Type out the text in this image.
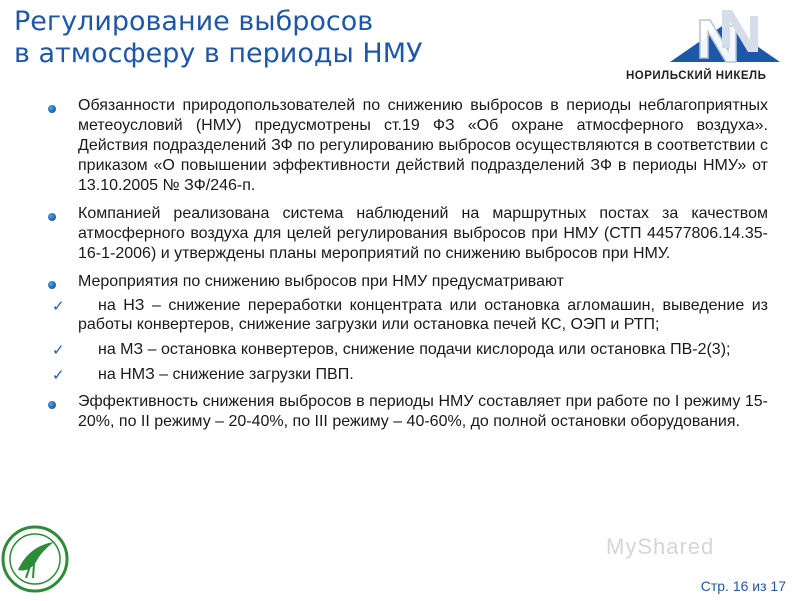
Регулирование выбросов
в атмосферу в периоды НМУ
НОРИЛЬСКИЙ НИКЕЛЬ

Обязанности природопользователей по снижению выбросов в периоды неблагоприятных метеоусловий (НМУ) предусмотрены ст.19 ФЗ «Об охране атмосферного воздуха». Действия подразделений ЗФ по регулированию выбросов осуществляются в соответствии с приказом «О повышении эффективности действий подразделений ЗФ в периоды НМУ» от 13.10.2005 № ЗФ/246-п.

Компанией реализована система наблюдений на маршрутных постах за качеством атмосферного воздуха для целей регулирования выбросов при НМУ (СТП 44577806.14.35-16-1-2006) и утверждены планы мероприятий по снижению выбросов при НМУ.

Мероприятия по снижению выбросов при НМУ предусматривают

✓	на НЗ – снижение переработки концентрата или остановка агломашин, выведение из работы конвертеров, снижение загрузки или остановка печей КС, ОЭП и РТП;

✓	на МЗ – остановка конвертеров, снижение подачи кислорода или остановка ПВ-2(3);

✓	на НМЗ – снижение загрузки ПВП.

Эффективность снижения выбросов в периоды НМУ составляет при работе по I режиму 15-20%, по II режиму – 20-40%, по III режиму – 40-60%, до полной остановки оборудования.

MyShared
Стр. 16 из 17
